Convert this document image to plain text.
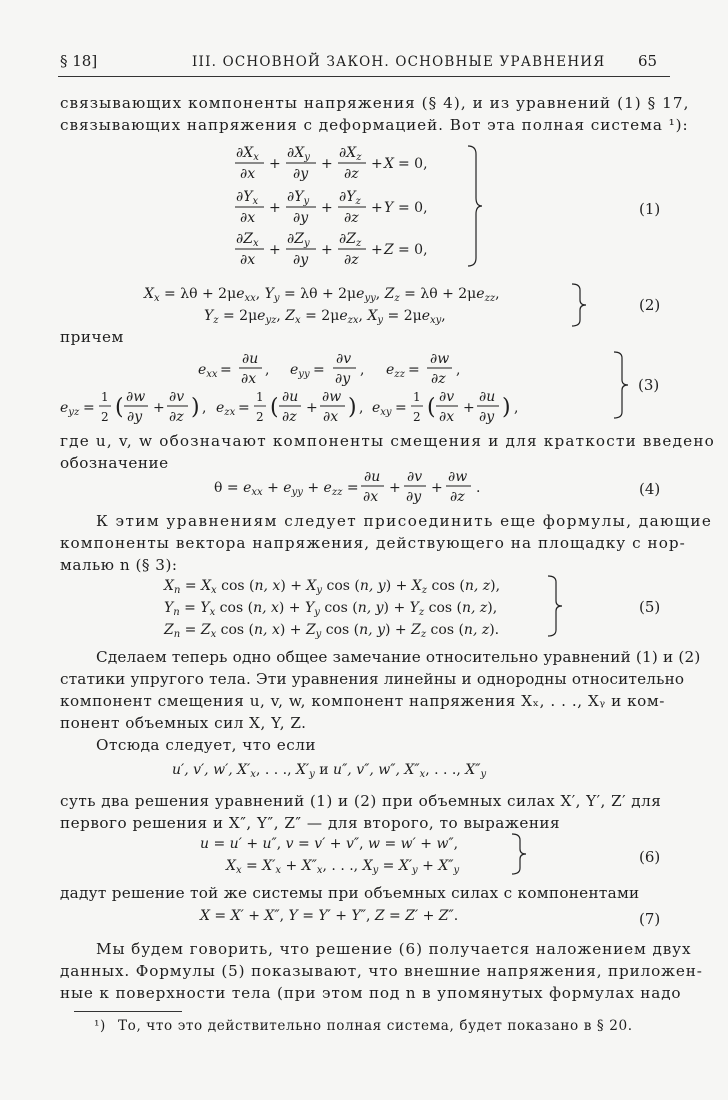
§ 18]	III. ОСНОВНОЙ ЗАКОН. ОСНОВНЫЕ УРАВНЕНИЯ 65
связывающих компоненты напряжения (§ 4), и из уравнений (1) § 17,
связывающих напряжения с деформацией. Вот эта полная система ¹):
$\partial X_x$
∂x
+
$\partial X_y$
∂y
+
$\partial X_z$
∂z
+ X = 0,
$\partial Y_x$
∂x
+
$\partial Y_y$
∂y
+
$\partial Y_z$
∂z
+ Y = 0,
$\partial Z_x$
∂x
+
$\partial Z_y$
∂y
+
$\partial Z_z$
∂z
+ Z = 0,
(1)
$X_x = \lambda\theta + 2\mu e_{xx}$, $Y_y = \lambda\theta + 2\mu e_{yy}$, $Z_z = \lambda\theta + 2\mu e_{zz}$,
$Y_z = 2\mu e_{yz}$, $Z_x = 2\mu e_{zx}$, $X_y = 2\mu e_{xy}$,
(2)
причем
$e_{xx}$ =
∂u
∂x
, $e_{yy}$ =
∂v
∂y
, $e_{zz}$ =
∂w
∂z
,
$e_{yz}$ =
1
2 ( ∂w
∂y
+
∂v
∂z ) , $e_{zx}$ =
1
2 ( ∂u
∂z
+
∂w
∂x ) , $e_{xy}$ =
1
2 ( ∂v
∂x
+
∂u
∂y ) ,
(3)
где u, v, w обозначают компоненты смещения и для краткости введено
обозначение
$\theta = e_{xx} + e_{yy} + e_{zz}$ =
∂u
∂x
+
∂v
∂y
+
∂w
∂z
.	(4)
К этим уравнениям следует присоединить еще формулы, дающие
компоненты вектора напряжения, действующего на площадку с нор-
малью n (§ 3):
$X_n = X_x$ cos (n, $x) + X_y$ cos (n, $y) + X_z$ cos (n, z),
$Y_n = Y_x$ cos (n, $x) + Y_y$ cos (n, $y) + Y_z$ cos (n, z),
$Z_n = Z_x$ cos (n, $x) + Z_y$ cos (n, $y) + Z_z$ cos (n, z).
(5)
Сделаем теперь одно общее замечание относительно уравнений (1) и (2)
статики упругого тела. Эти уравнения линейны и однородны относительно
компонент смещения u, v, w, компонент напряжения Xₓ, . . ., Xᵧ и ком-
понент объемных сил X, Y, Z.
Отсюда следует, что если
u′, v′, w′, $X'_x$, . . ., $X'_y$ и u″, v″, w″, $X''_x$, . . ., $X''_y$
суть два решения уравнений (1) и (2) при объемных силах X′, Y′, Z′ для
первого решения и X″, Y″, Z″ — для второго, то выражения
u = u′ + u″, v = v′ + v″, w = w′ + w″,
$X_x = X'_x + X''_x$, . . ., $X_y = X'_y + X''_y$
(6)
дадут решение той же системы при объемных силах с компонентами
X = X′ + X″, Y = Y′ + Y″, Z = Z′ + Z″.	(7)
Мы будем говорить, что решение (6) получается наложением двух
данных. Формулы (5) показывают, что внешние напряжения, приложен-
ные к поверхности тела (при этом под n в упомянутых формулах надо
¹) То, что это действительно полная система, будет показано в § 20.
